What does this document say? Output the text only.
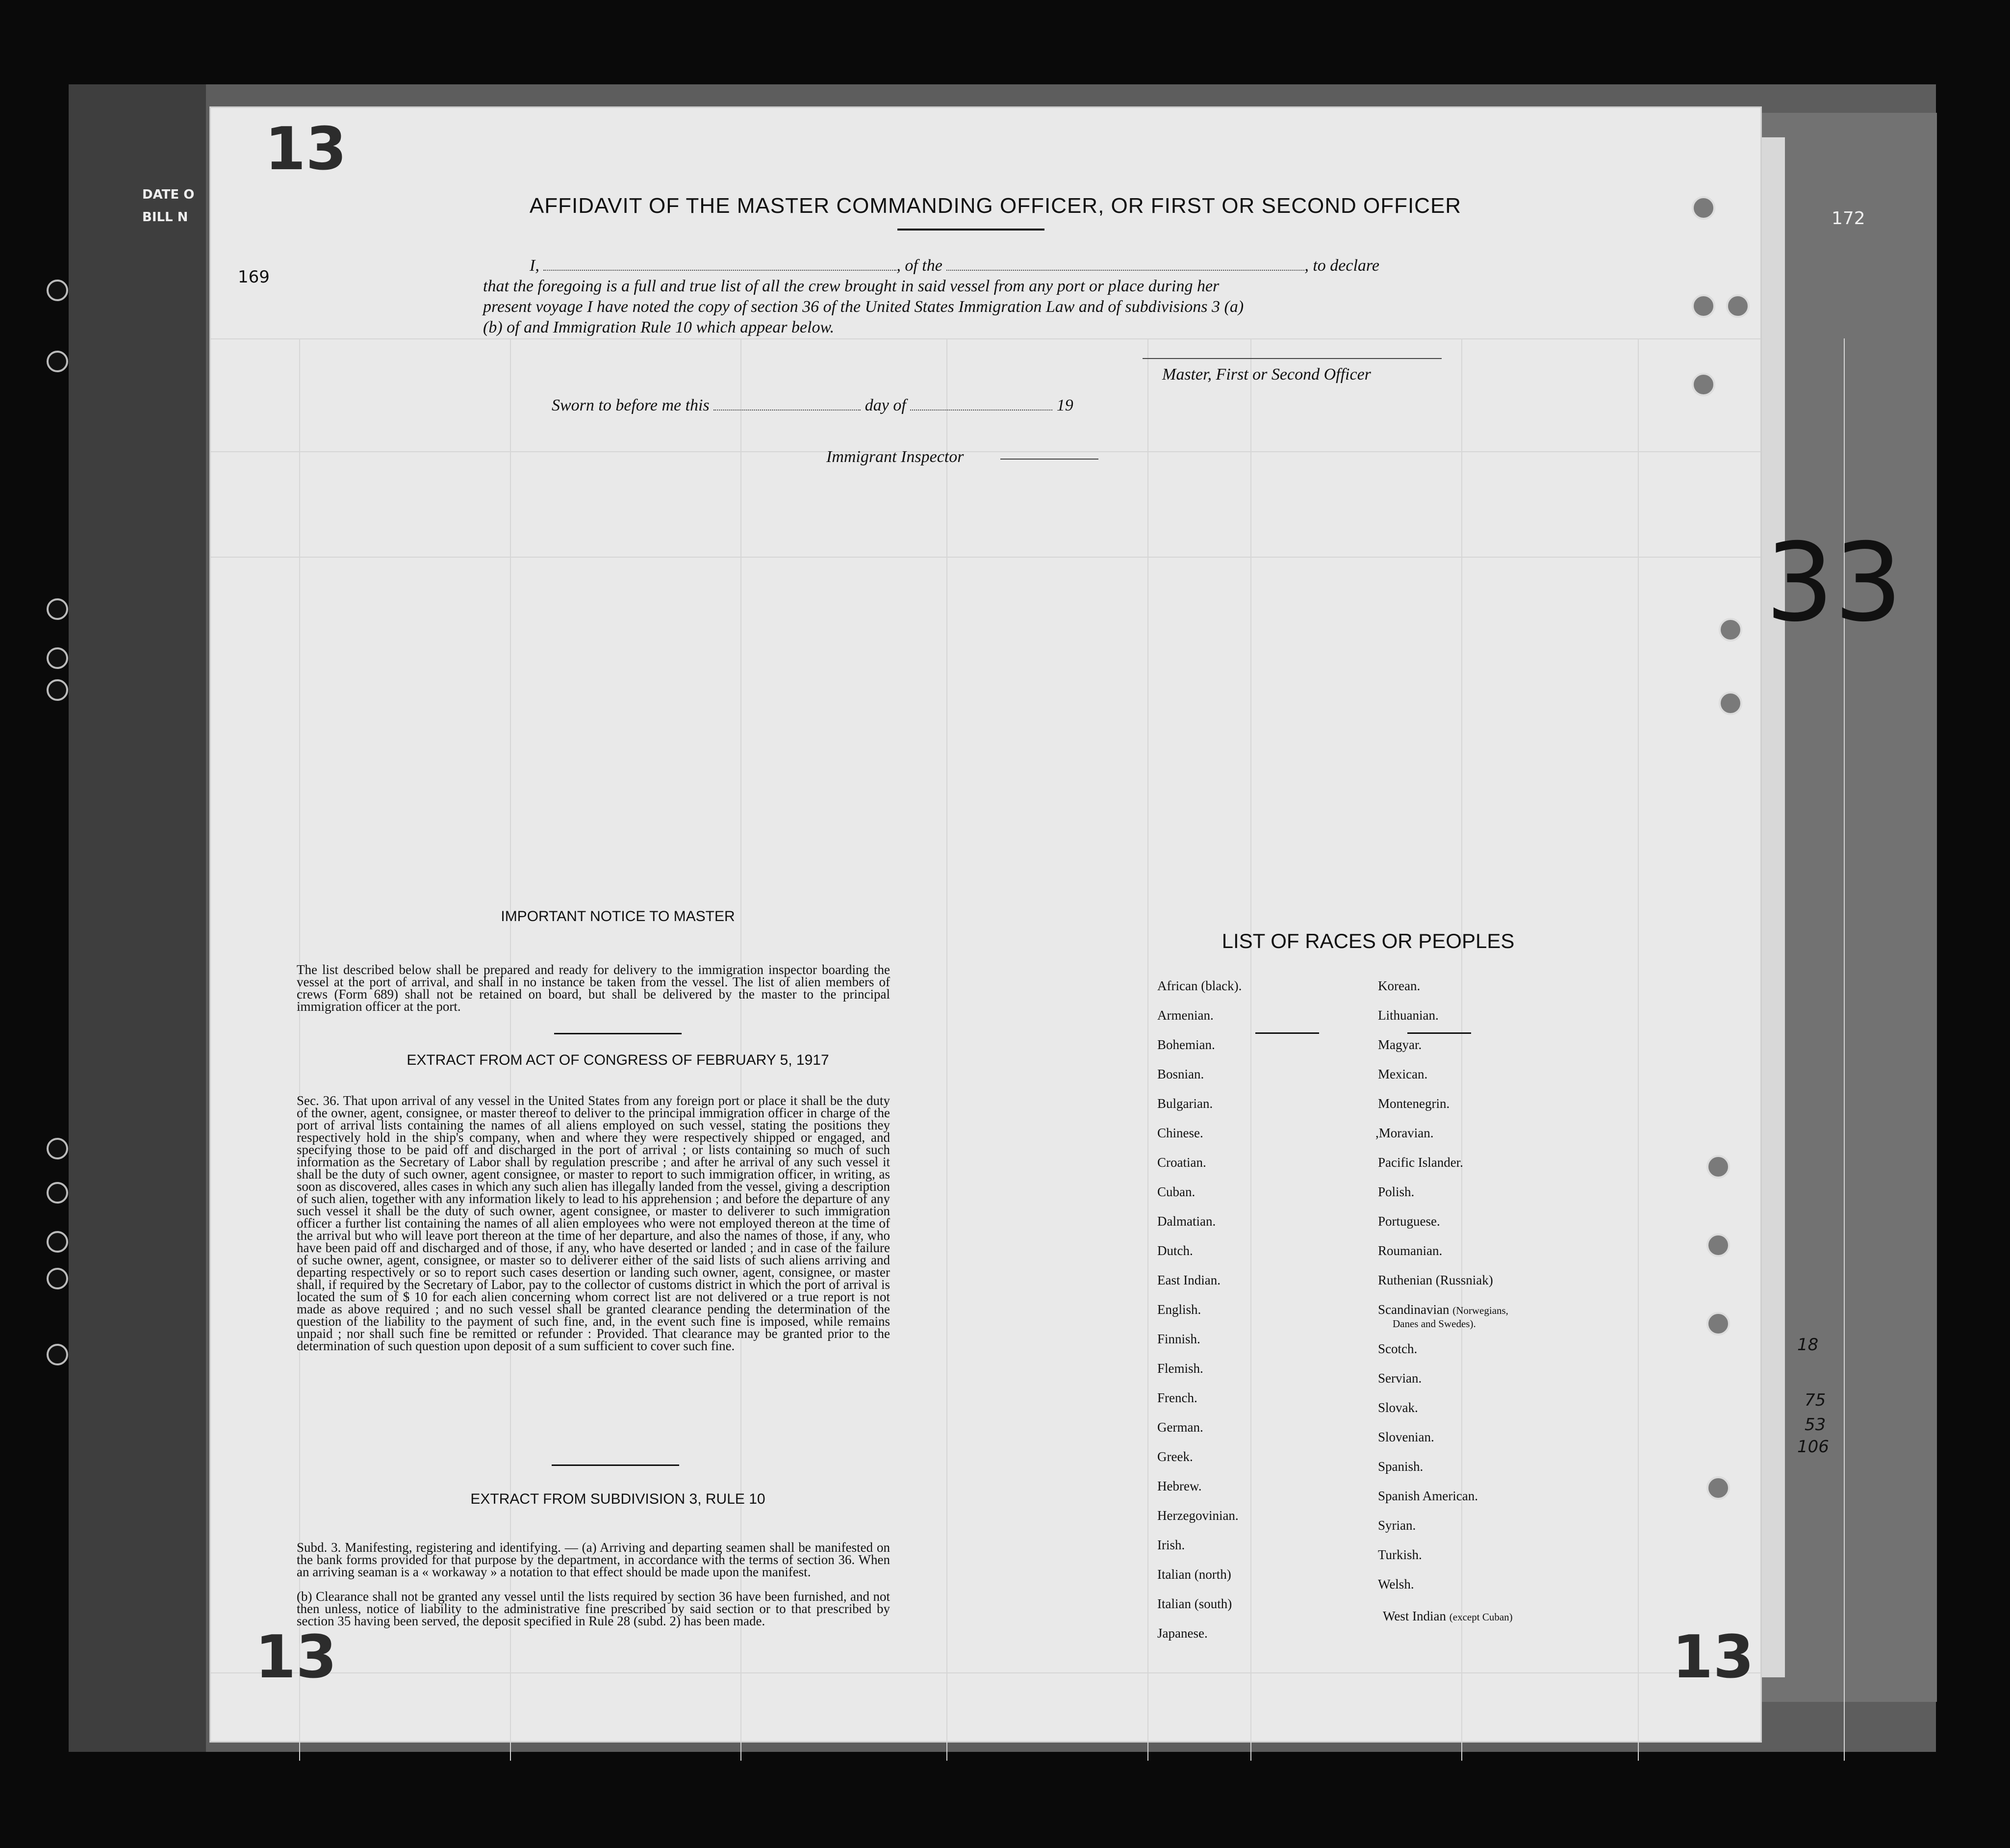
DATE O
BILL N
13
13	13
172
169
33
AFFIDAVIT OF THE MASTER COMMANDING OFFICER, OR FIRST OR SECOND OFFICER
I,	, of the	, to declare
that the foregoing is a full and true list of all the crew brought in said vessel from any port or place during her
present voyage I have noted the copy of section 36 of the United States Immigration Law and of subdivisions 3 (a)
(b) of and Immigration Rule 10 which appear below.
Master, First or Second Officer
Sworn to before me this	day of	19
Immigrant Inspector
IMPORTANT NOTICE TO MASTER
The list described below shall be prepared and ready for delivery to the immigration inspector boarding the vessel at the port of arrival, and shall in no instance be taken from the vessel. The list of alien members of crews (Form 689) shall not be retained on board, but shall be delivered by the master to the principal immigration officer at the port.
EXTRACT FROM ACT OF CONGRESS OF FEBRUARY 5, 1917
Sec. 36. That upon arrival of any vessel in the United States from any foreign port or place it shall be the duty of the owner, agent, consignee, or master thereof to deliver to the principal immigration officer in charge of the port of arrival lists containing the names of all aliens employed on such vessel, stating the positions they respectively hold in the ship's company, when and where they were respectively shipped or engaged, and specifying those to be paid off and discharged in the port of arrival ; or lists containing so much of such information as the Secretary of Labor shall by regulation prescribe ; and after he arrival of any such vessel it shall be the duty of such owner, agent consignee, or master to report to such immigration officer, in writing, as soon as discovered, alles cases in which any such alien has illegally landed from the vessel, giving a description of such alien, together with any information likely to lead to his apprehension ; and before the departure of any such vessel it shall be the duty of such owner, agent consignee, or master to deliverer to such immigration officer a further list containing the names of all alien employees who were not employed thereon at the time of the arrival but who will leave port thereon at the time of her departure, and also the names of those, if any, who have been paid off and discharged and of those, if any, who have deserted or landed ; and in case of the failure of suche owner, agent, consignee, or master so to deliverer either of the said lists of such aliens arriving and departing respectively or so to report such cases desertion or landing such owner, agent, consignee, or master shall, if required by the Secretary of Labor, pay to the collector of customs district in which the port of arrival is located the sum of $ 10 for each alien concerning whom correct list are not delivered or a true report is not made as above required ; and no such vessel shall be granted clearance pending the determination of the question of the liability to the payment of such fine, and, in the event such fine is imposed, while remains unpaid ; nor shall such fine be remitted or refunder : Provided. That clearance may be granted prior to the determination of such question upon deposit of a sum sufficient to cover such fine.
EXTRACT FROM SUBDIVISION 3, RULE 10
Subd. 3. Manifesting, registering and identifying. — (a) Arriving and departing seamen shall be manifested on the bank forms provided for that purpose by the department, in accordance with the terms of section 36. When an arriving seaman is a « workaway » a notation to that effect should be made upon the manifest.
(b) Clearance shall not be granted any vessel until the lists required by section 36 have been furnished, and not then unless, notice of liability to the administrative fine prescribed by said section or to that prescribed by section 35 having been served, the deposit specified in Rule 28 (subd. 2) has been made.
LIST OF RACES OR PEOPLES
African (black).
Armenian.
Bohemian.
Bosnian.
Bulgarian.
Chinese.
Croatian.
Cuban.
Dalmatian.
Dutch.
East Indian.
English.
Finnish.
Flemish.
French.
German.
Greek.
Hebrew.
Herzegovinian.
Irish.
Italian (north)
Italian (south)
Japanese.
Korean.
Lithuanian.
Magyar.
Mexican.
Montenegrin.
,Moravian.
Pacific Islander.
Polish.
Portuguese.
Roumanian.
Ruthenian (Russniak)
Scandinavian (Norwegians,
Danes and Swedes).
Scotch.
Servian.
Slovak.
Slovenian.
Spanish.
Spanish American.
Syrian.
Turkish.
Welsh.
West Indian (except Cuban)
18
75
53
106
